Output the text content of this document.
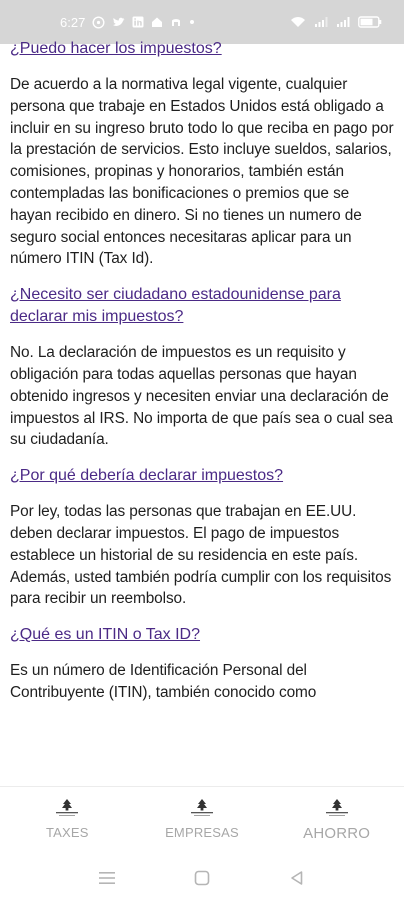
6:27
¿Puedo hacer los impuestos?

De acuerdo a la normativa legal vigente, cualquier persona que trabaje en Estados Unidos está obligado a incluir en su ingreso bruto todo lo que reciba en pago por la prestación de servicios. Esto incluye sueldos, salarios, comisiones, propinas y honorarios, también están contempladas las bonificaciones o premios que se hayan recibido en dinero. Si no tienes un numero de seguro social entonces necesitaras aplicar para un número ITIN (Tax Id).

¿Necesito ser ciudadano estadounidense para declarar mis impuestos?

No. La declaración de impuestos es un requisito y obligación para todas aquellas personas que hayan obtenido ingresos y necesiten enviar una declaración de impuestos al IRS. No importa de que país sea o cual sea su ciudadanía.

¿Por qué debería declarar impuestos?

Por ley, todas las personas que trabajan en EE.UU. deben declarar impuestos. El pago de impuestos establece un historial de su residencia en este país. Además, usted también podría cumplir con los requisitos para recibir un reembolso.

¿Qué es un ITIN o Tax ID?

Es un número de Identificación Personal del Contribuyente (ITIN), también conocido como

TAXES	EMPRESAS	AHORRO
